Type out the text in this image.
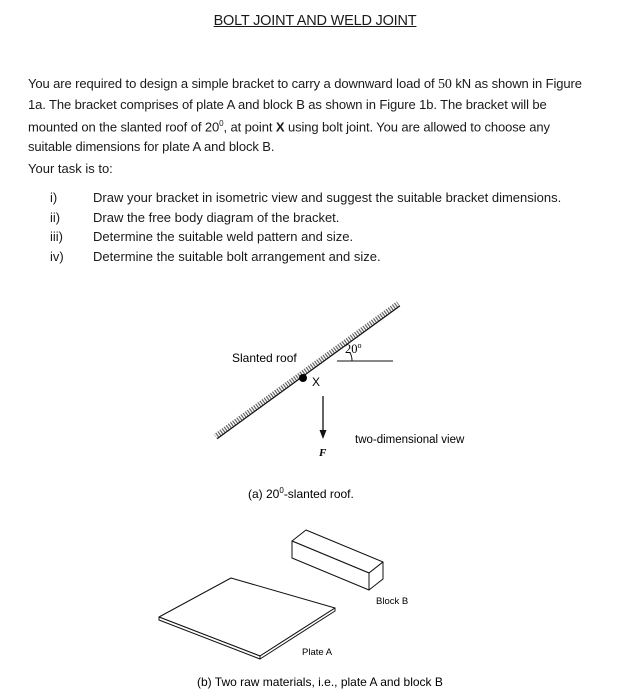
BOLT JOINT AND WELD JOINT
You are required to design a simple bracket to carry a downward load of 50 kN as shown in Figure 1a. The bracket comprises of plate A and block B as shown in Figure 1b. The bracket will be mounted on the slanted roof of $20^0$, at point X using bolt joint. You are allowed to choose any suitable dimensions for plate A and block B.
Your task is to:
i)	Draw your bracket in isometric view and suggest the suitable bracket dimensions.
ii)	Draw the free body diagram of the bracket.
iii)	Determine the suitable weld pattern and size.
iv)	Determine the suitable bolt arrangement and size.
Slanted roof
20$^o$
X
F
two-dimensional view
(a) $20^0$-slanted roof.
Block B
Plate A
(b) Two raw materials, i.e., plate A and block B
